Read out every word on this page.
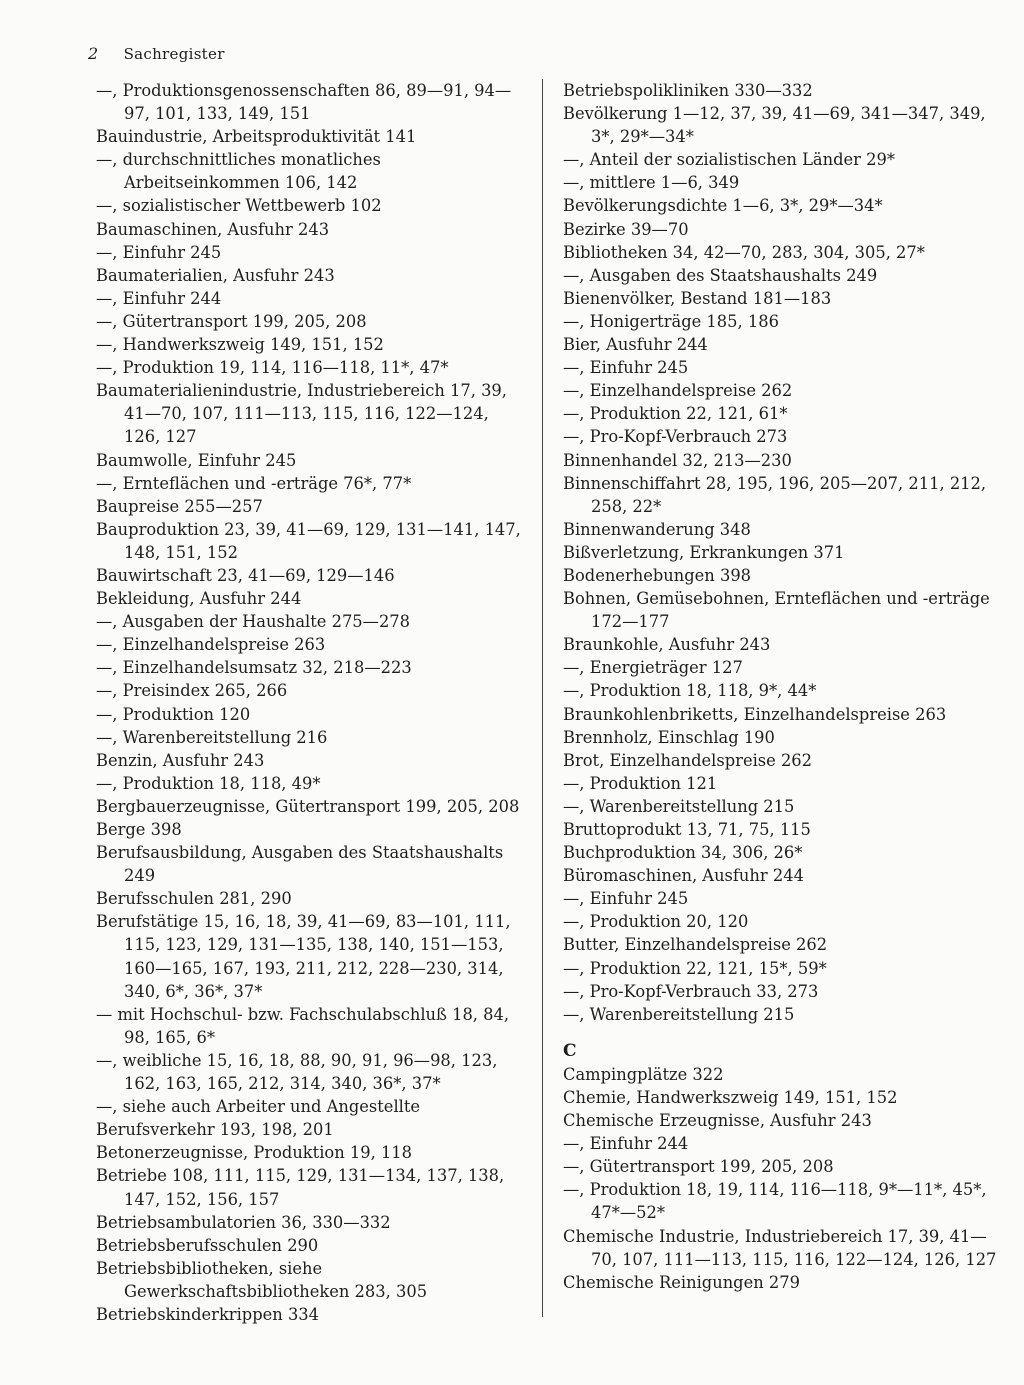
2 Sachregister
—, Produktionsgenossenschaften 86, 89—91, 94—97, 101, 133, 149, 151
Bauindustrie, Arbeitsproduktivität 141
—, durchschnittliches monatliches Arbeitseinkommen 106, 142
—, sozialistischer Wettbewerb 102
Baumaschinen, Ausfuhr 243
—, Einfuhr 245
Baumaterialien, Ausfuhr 243
—, Einfuhr 244
—, Gütertransport 199, 205, 208
—, Handwerkszweig 149, 151, 152
—, Produktion 19, 114, 116—118, 11*, 47*
Baumaterialienindustrie, Industriebereich 17, 39, 41—70, 107, 111—113, 115, 116, 122—124, 126, 127
Baumwolle, Einfuhr 245
—, Ernteflächen und -erträge 76*, 77*
Baupreise 255—257
Bauproduktion 23, 39, 41—69, 129, 131—141, 147, 148, 151, 152
Bauwirtschaft 23, 41—69, 129—146
Bekleidung, Ausfuhr 244
—, Ausgaben der Haushalte 275—278
—, Einzelhandelspreise 263
—, Einzelhandelsumsatz 32, 218—223
—, Preisindex 265, 266
—, Produktion 120
—, Warenbereitstellung 216
Benzin, Ausfuhr 243
—, Produktion 18, 118, 49*
Bergbauerzeugnisse, Gütertransport 199, 205, 208
Berge 398
Berufsausbildung, Ausgaben des Staatshaushalts 249
Berufsschulen 281, 290
Berufstätige 15, 16, 18, 39, 41—69, 83—101, 111, 115, 123, 129, 131—135, 138, 140, 151—153, 160—165, 167, 193, 211, 212, 228—230, 314, 340, 6*, 36*, 37*
— mit Hochschul- bzw. Fachschulabschluß 18, 84, 98, 165, 6*
—, weibliche 15, 16, 18, 88, 90, 91, 96—98, 123, 162, 163, 165, 212, 314, 340, 36*, 37*
—, siehe auch Arbeiter und Angestellte
Berufsverkehr 193, 198, 201
Betonerzeugnisse, Produktion 19, 118
Betriebe 108, 111, 115, 129, 131—134, 137, 138, 147, 152, 156, 157
Betriebsambulatorien 36, 330—332
Betriebsberufsschulen 290
Betriebsbibliotheken, siehe Gewerkschaftsbibliotheken 283, 305
Betriebskinderkrippen 334
Betriebspolikliniken 330—332
Bevölkerung 1—12, 37, 39, 41—69, 341—347, 349, 3*, 29*—34*
—, Anteil der sozialistischen Länder 29*
—, mittlere 1—6, 349
Bevölkerungsdichte 1—6, 3*, 29*—34*
Bezirke 39—70
Bibliotheken 34, 42—70, 283, 304, 305, 27*
—, Ausgaben des Staatshaushalts 249
Bienenvölker, Bestand 181—183
—, Honigerträge 185, 186
Bier, Ausfuhr 244
—, Einfuhr 245
—, Einzelhandelspreise 262
—, Produktion 22, 121, 61*
—, Pro-Kopf-Verbrauch 273
Binnenhandel 32, 213—230
Binnenschiffahrt 28, 195, 196, 205—207, 211, 212, 258, 22*
Binnenwanderung 348
Bißverletzung, Erkrankungen 371
Bodenerhebungen 398
Bohnen, Gemüsebohnen, Ernteflächen und -erträge 172—177
Braunkohle, Ausfuhr 243
—, Energieträger 127
—, Produktion 18, 118, 9*, 44*
Braunkohlenbriketts, Einzelhandelspreise 263
Brennholz, Einschlag 190
Brot, Einzelhandelspreise 262
—, Produktion 121
—, Warenbereitstellung 215
Bruttoprodukt 13, 71, 75, 115
Buchproduktion 34, 306, 26*
Büromaschinen, Ausfuhr 244
—, Einfuhr 245
—, Produktion 20, 120
Butter, Einzelhandelspreise 262
—, Produktion 22, 121, 15*, 59*
—, Pro-Kopf-Verbrauch 33, 273
—, Warenbereitstellung 215
C
Campingplätze 322
Chemie, Handwerkszweig 149, 151, 152
Chemische Erzeugnisse, Ausfuhr 243
—, Einfuhr 244
—, Gütertransport 199, 205, 208
—, Produktion 18, 19, 114, 116—118, 9*—11*, 45*, 47*—52*
Chemische Industrie, Industriebereich 17, 39, 41—70, 107, 111—113, 115, 116, 122—124, 126, 127
Chemische Reinigungen 279
